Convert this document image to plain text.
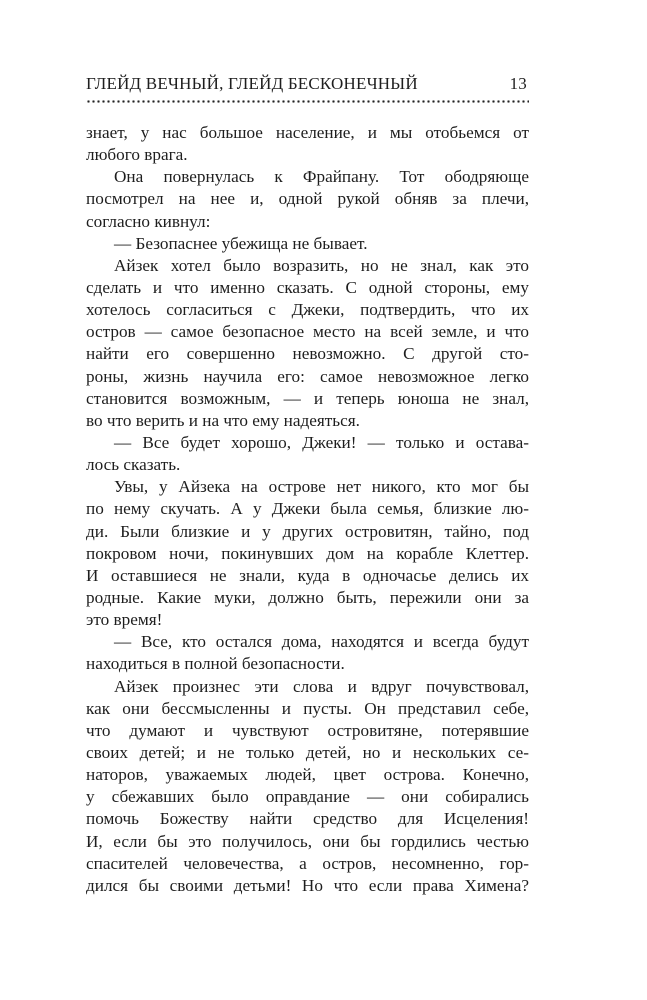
ГЛЕЙД ВЕЧНЫЙ, ГЛЕЙД БЕСКОНЕЧНЫЙ	13
знает, у нас большое население, и мы отобьемся от
любого врага.
Она повернулась к Фрайпану. Тот ободряюще
посмотрел на нее и, одной рукой обняв за плечи,
согласно кивнул:
— Безопаснее убежища не бывает.
Айзек хотел было возразить, но не знал, как это
сделать и что именно сказать. С одной стороны, ему
хотелось согласиться с Джеки, подтвердить, что их
остров — самое безопасное место на всей земле, и что
найти его совершенно невозможно. С другой сто-
роны, жизнь научила его: самое невозможное легко
становится возможным, — и теперь юноша не знал,
во что верить и на что ему надеяться.
— Все будет хорошо, Джеки! — только и остава-
лось сказать.
Увы, у Айзека на острове нет никого, кто мог бы
по нему скучать. А у Джеки была семья, близкие лю-
ди. Были близкие и у других островитян, тайно, под
покровом ночи, покинувших дом на корабле Клеттер.
И оставшиеся не знали, куда в одночасье делись их
родные. Какие муки, должно быть, пережили они за
это время!
— Все, кто остался дома, находятся и всегда будут
находиться в полной безопасности.
Айзек произнес эти слова и вдруг почувствовал,
как они бессмысленны и пусты. Он представил себе,
что думают и чувствуют островитяне, потерявшие
своих детей; и не только детей, но и нескольких се-
наторов, уважаемых людей, цвет острова. Конечно,
у сбежавших было оправдание — они собирались
помочь Божеству найти средство для Исцеления!
И, если бы это получилось, они бы гордились честью
спасителей человечества, а остров, несомненно, гор-
дился бы своими детьми! Но что если права Химена?
